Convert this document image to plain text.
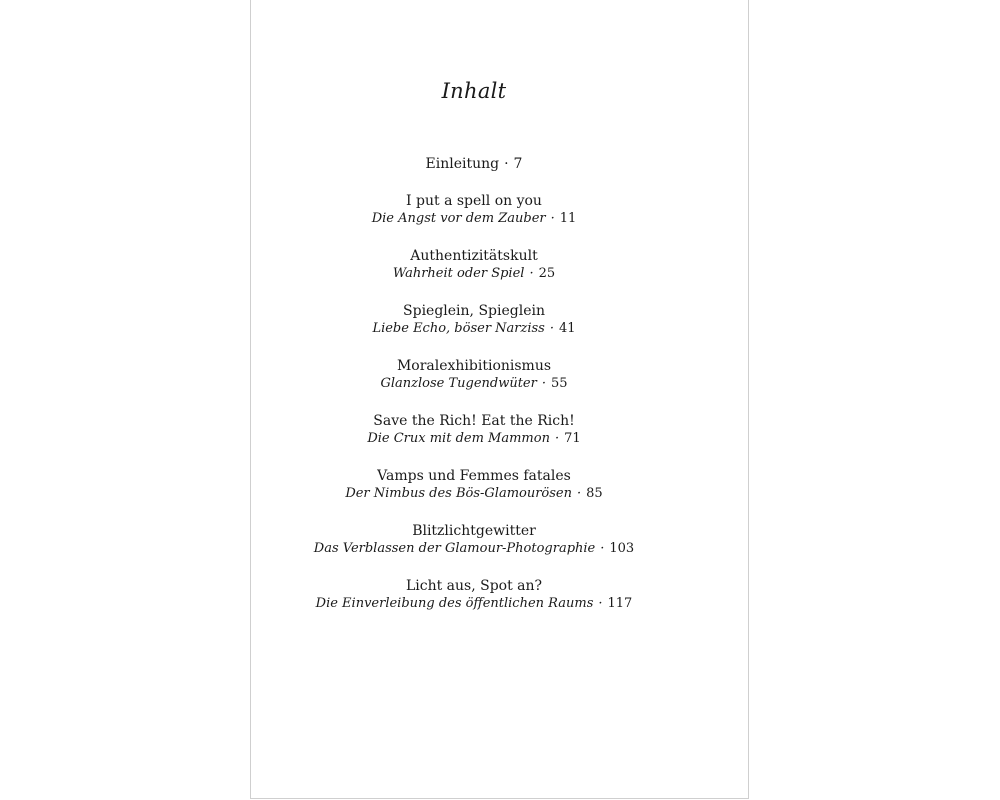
Inhalt
Einleitung · 7
I put a spell on you
Die Angst vor dem Zauber · 11
Authentizitätskult
Wahrheit oder Spiel · 25
Spieglein, Spieglein
Liebe Echo, böser Narziss · 41
Moralexhibitionismus
Glanzlose Tugendwüter · 55
Save the Rich! Eat the Rich!
Die Crux mit dem Mammon · 71
Vamps und Femmes fatales
Der Nimbus des Bös-Glamourösen · 85
Blitzlichtgewitter
Das Verblassen der Glamour-Photographie · 103
Licht aus, Spot an?
Die Einverleibung des öffentlichen Raums · 117
